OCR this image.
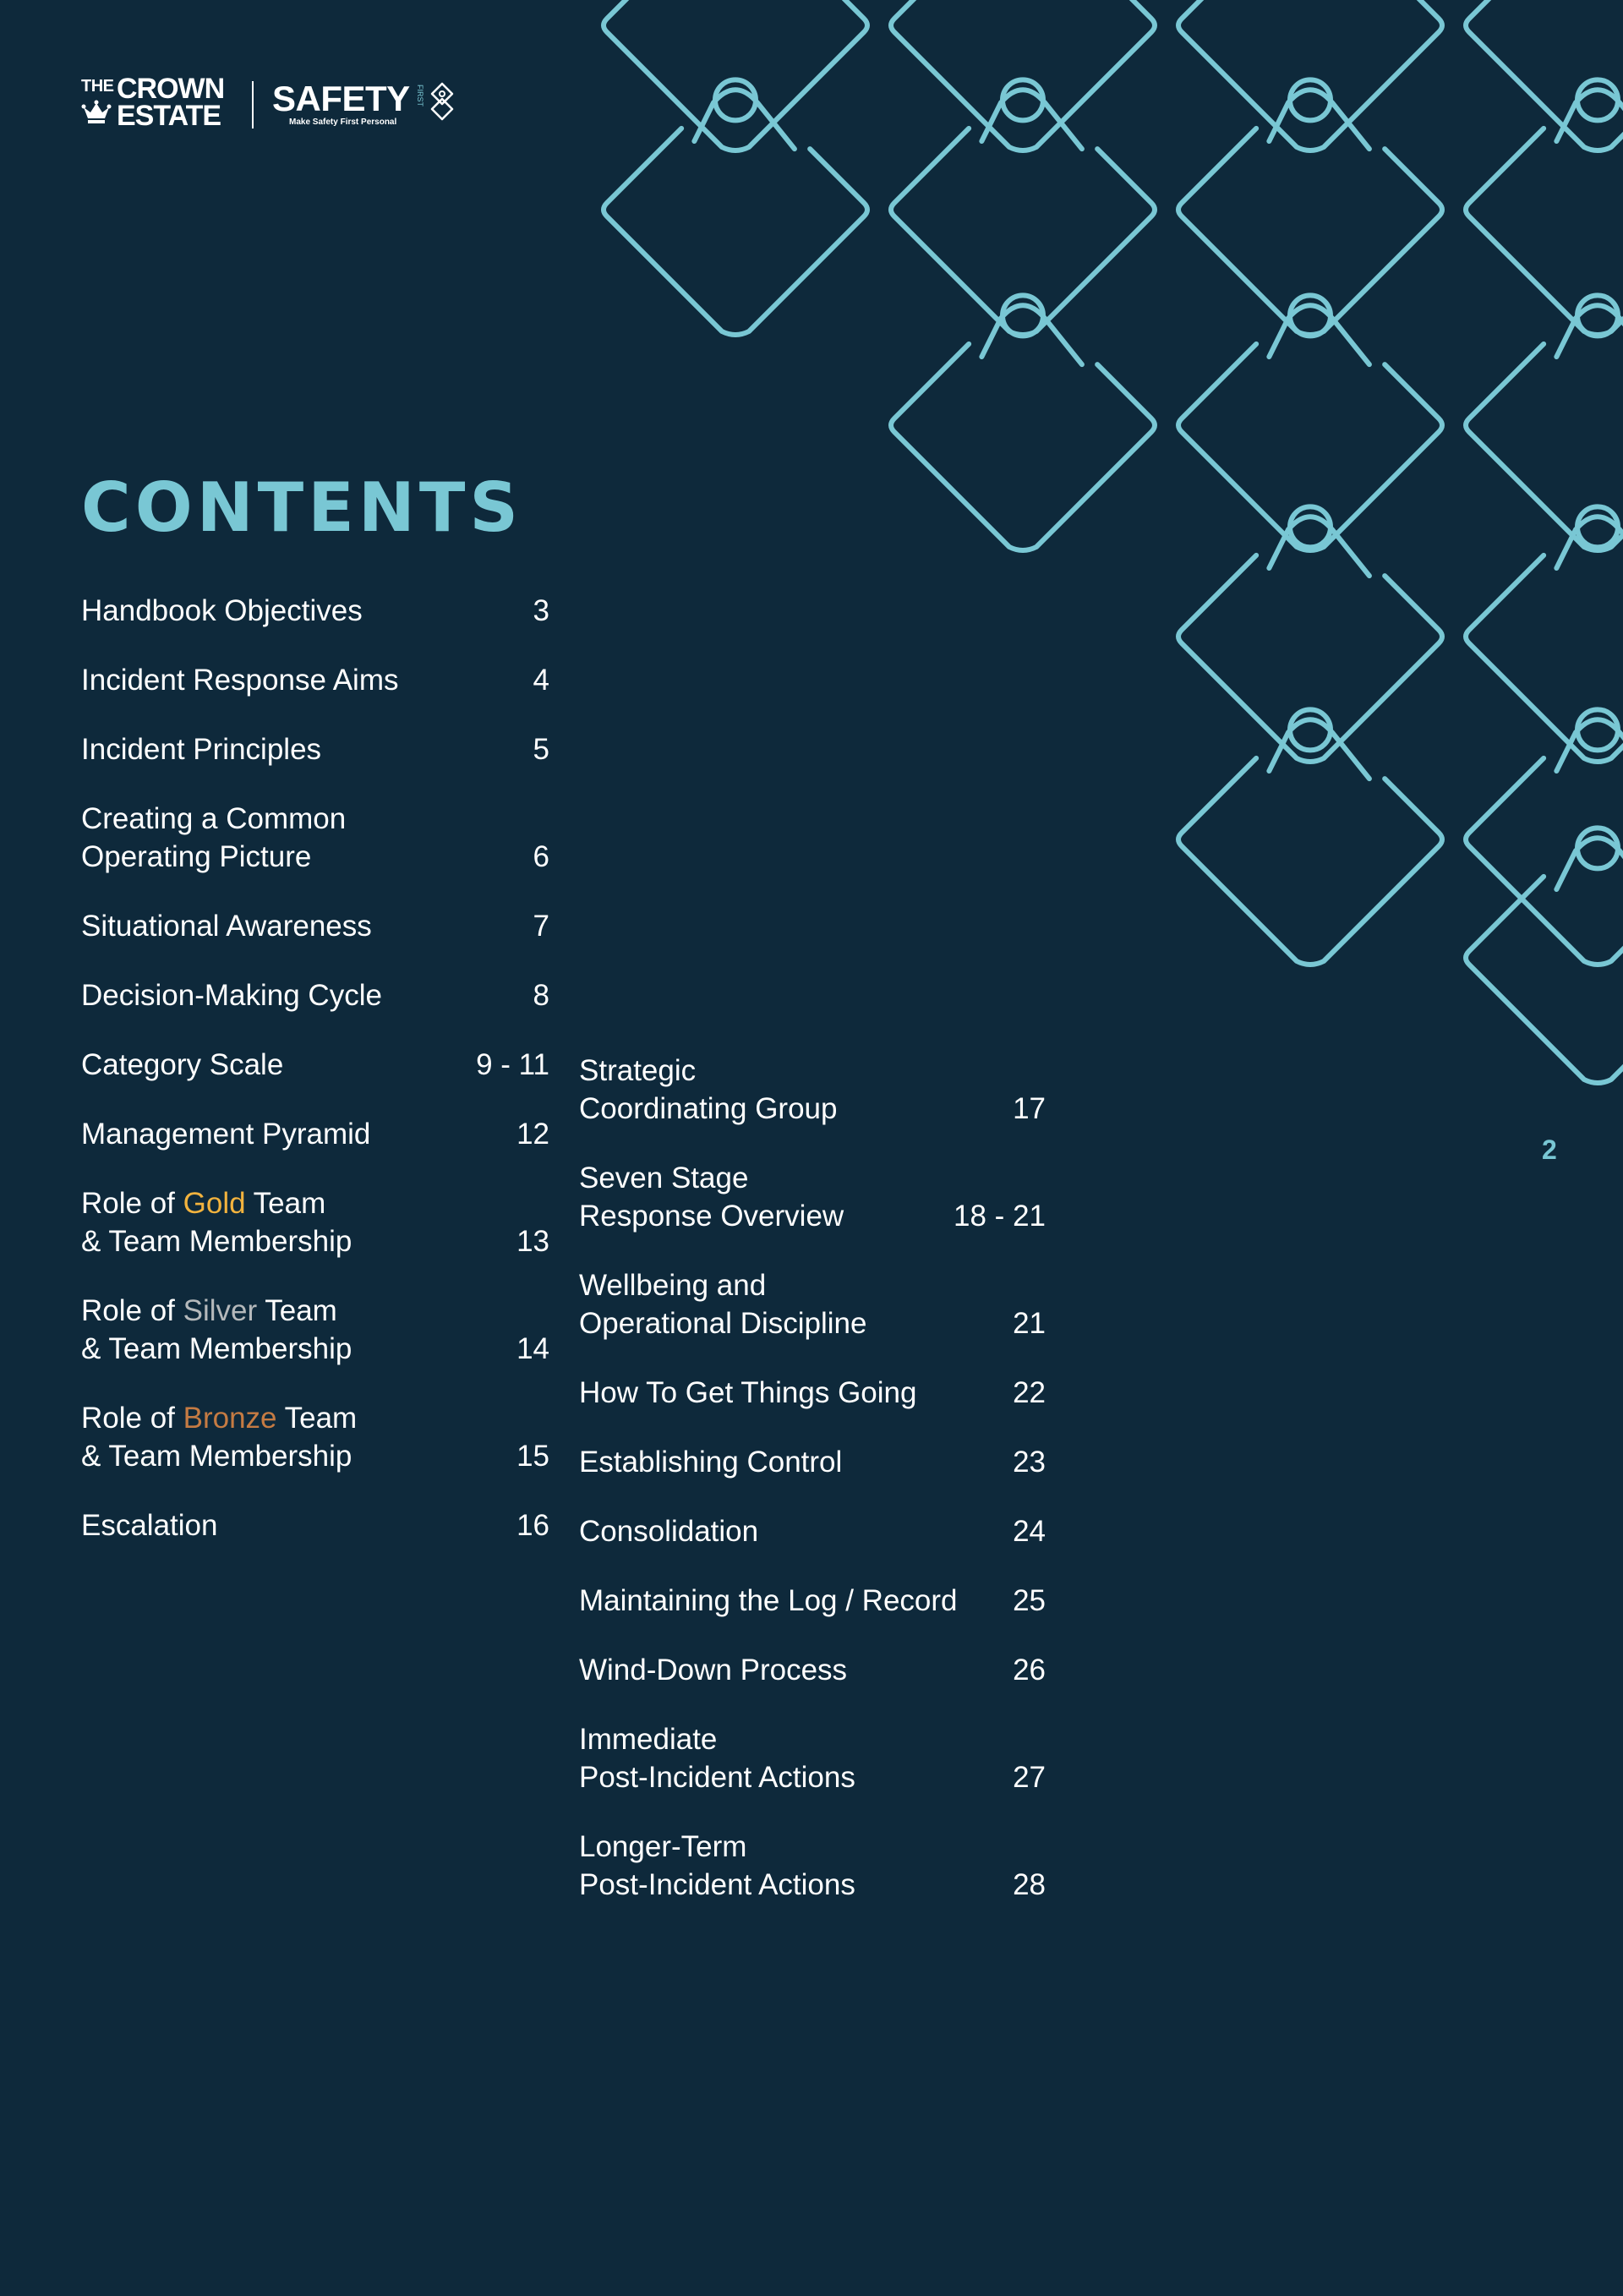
THE CROWN
ESTATE SAFETY
Make Safety First Personal
FIRST
CONTENTS
Handbook Objectives	3
Incident Response Aims	4
Incident Principles	5
Creating a Common
Operating Picture	6
Situational Awareness	7
Decision-Making Cycle	8
Category Scale	9 - 11
Management Pyramid	12
Role of Gold Team
& Team Membership	13
Role of Silver Team
& Team Membership	14
Role of Bronze Team
& Team Membership	15
Escalation	16
Strategic
Coordinating Group	17
Seven Stage
Response Overview	18 - 21
Wellbeing and
Operational Discipline	21
How To Get Things Going	22
Establishing Control	23
Consolidation	24
Maintaining the Log / Record	25
Wind-Down Process	26
Immediate
Post-Incident Actions	27
Longer-Term
Post-Incident Actions	28
2
